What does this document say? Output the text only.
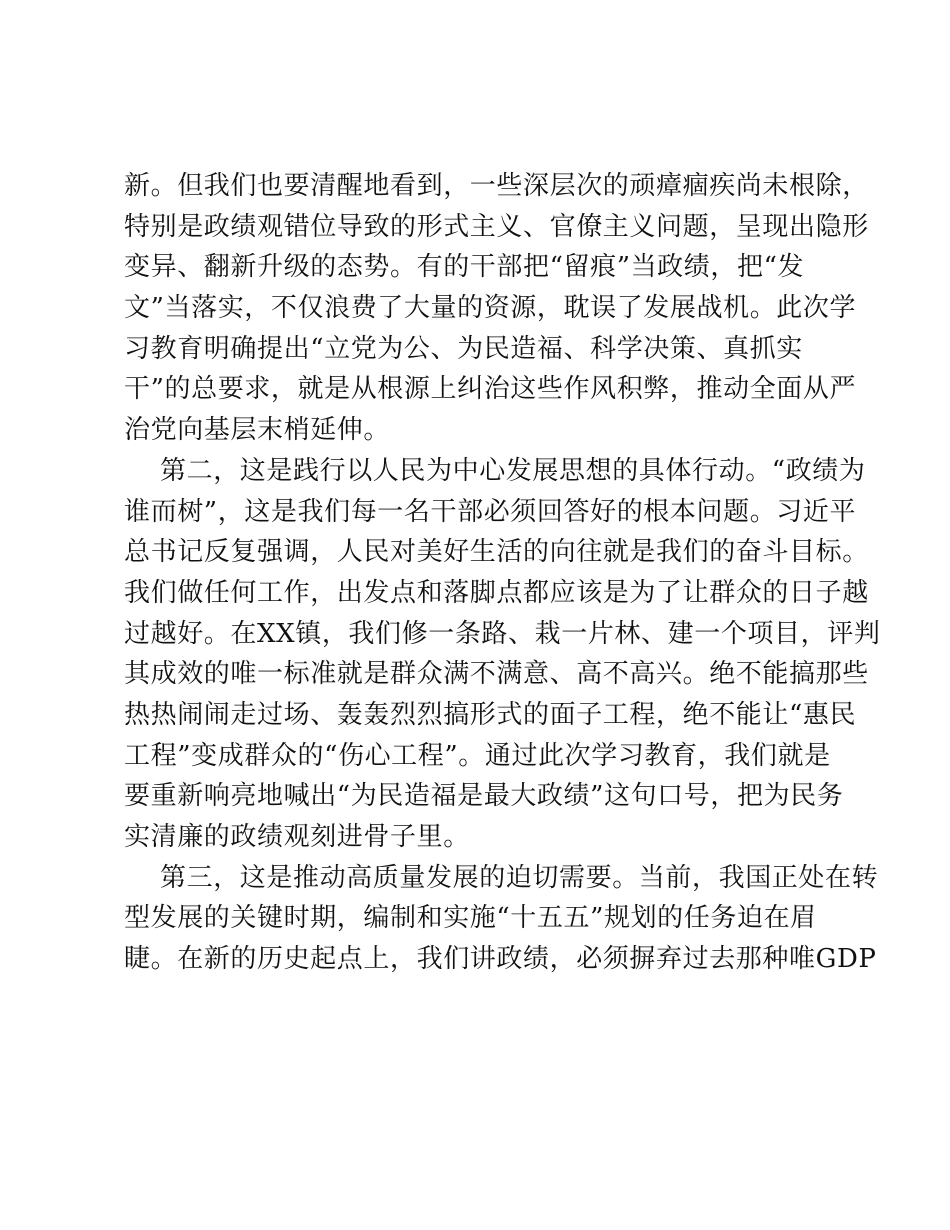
新。但我们也要清醒地看到，一些深层次的顽瘴痼疾尚未根除，
特别是政绩观错位导致的形式主义、官僚主义问题，呈现出隐形
变异、翻新升级的态势。有的干部把“留痕”当政绩，把“发
文”当落实，不仅浪费了大量的资源，耽误了发展战机。此次学
习教育明确提出“立党为公、为民造福、科学决策、真抓实
干”的总要求，就是从根源上纠治这些作风积弊，推动全面从严
治党向基层末梢延伸。
第二，这是践行以人民为中心发展思想的具体行动。“政绩为
谁而树”，这是我们每一名干部必须回答好的根本问题。习近平
总书记反复强调，人民对美好生活的向往就是我们的奋斗目标。
我们做任何工作，出发点和落脚点都应该是为了让群众的日子越
过越好。在XX镇，我们修一条路、栽一片林、建一个项目，评判
其成效的唯一标准就是群众满不满意、高不高兴。绝不能搞那些
热热闹闹走过场、轰轰烈烈搞形式的面子工程，绝不能让“惠民
工程”变成群众的“伤心工程”。通过此次学习教育，我们就是
要重新响亮地喊出“为民造福是最大政绩”这句口号，把为民务
实清廉的政绩观刻进骨子里。
第三，这是推动高质量发展的迫切需要。当前，我国正处在转
型发展的关键时期，编制和实施“十五五”规划的任务迫在眉
睫。在新的历史起点上，我们讲政绩，必须摒弃过去那种唯GDP
